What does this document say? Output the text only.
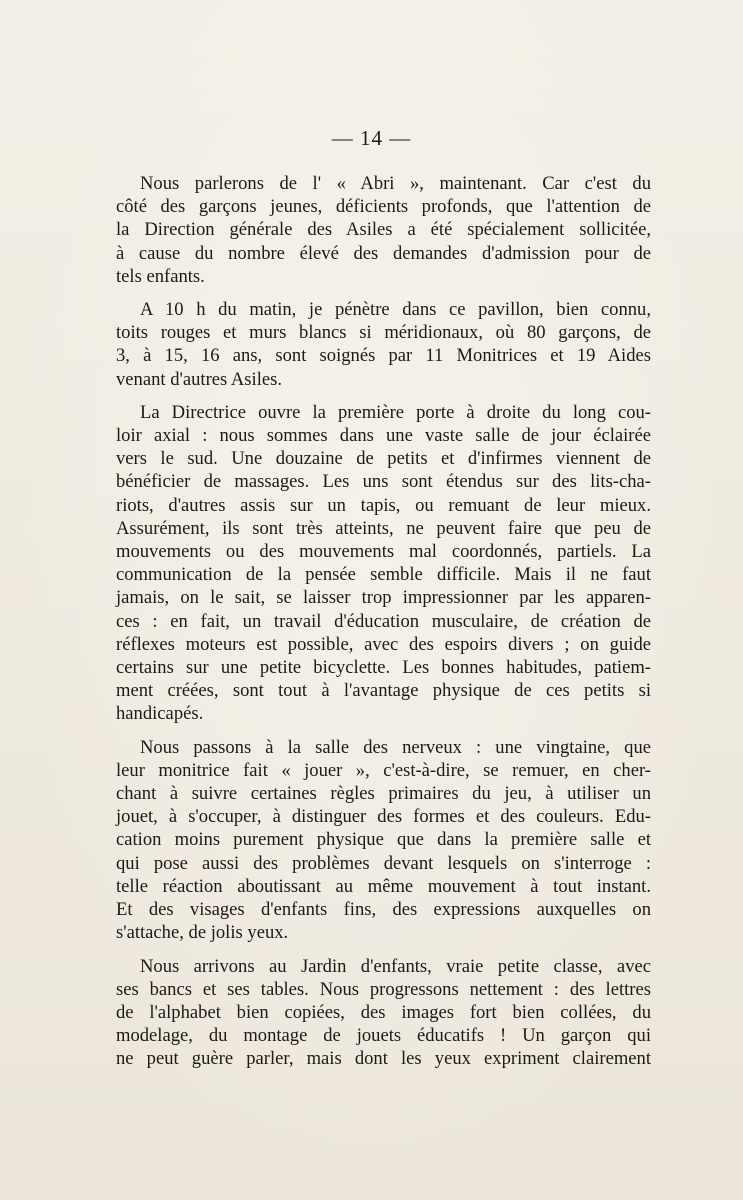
— 14 —
Nous parlerons de l' « Abri », maintenant. Car c'est du
côté des garçons jeunes, déficients profonds, que l'attention de
la Direction générale des Asiles a été spécialement sollicitée,
à cause du nombre élevé des demandes d'admission pour de
tels enfants.
A 10 h du matin, je pénètre dans ce pavillon, bien connu,
toits rouges et murs blancs si méridionaux, où 80 garçons, de
3, à 15, 16 ans, sont soignés par 11 Monitrices et 19 Aides
venant d'autres Asiles.
La Directrice ouvre la première porte à droite du long cou-
loir axial : nous sommes dans une vaste salle de jour éclairée
vers le sud. Une douzaine de petits et d'infirmes viennent de
bénéficier de massages. Les uns sont étendus sur des lits-cha-
riots, d'autres assis sur un tapis, ou remuant de leur mieux.
Assurément, ils sont très atteints, ne peuvent faire que peu de
mouvements ou des mouvements mal coordonnés, partiels. La
communication de la pensée semble difficile. Mais il ne faut
jamais, on le sait, se laisser trop impressionner par les apparen-
ces : en fait, un travail d'éducation musculaire, de création de
réflexes moteurs est possible, avec des espoirs divers ; on guide
certains sur une petite bicyclette. Les bonnes habitudes, patiem-
ment créées, sont tout à l'avantage physique de ces petits si
handicapés.
Nous passons à la salle des nerveux : une vingtaine, que
leur monitrice fait « jouer », c'est-à-dire, se remuer, en cher-
chant à suivre certaines règles primaires du jeu, à utiliser un
jouet, à s'occuper, à distinguer des formes et des couleurs. Edu-
cation moins purement physique que dans la première salle et
qui pose aussi des problèmes devant lesquels on s'interroge :
telle réaction aboutissant au même mouvement à tout instant.
Et des visages d'enfants fins, des expressions auxquelles on
s'attache, de jolis yeux.
Nous arrivons au Jardin d'enfants, vraie petite classe, avec
ses bancs et ses tables. Nous progressons nettement : des lettres
de l'alphabet bien copiées, des images fort bien collées, du
modelage, du montage de jouets éducatifs ! Un garçon qui
ne peut guère parler, mais dont les yeux expriment clairement
